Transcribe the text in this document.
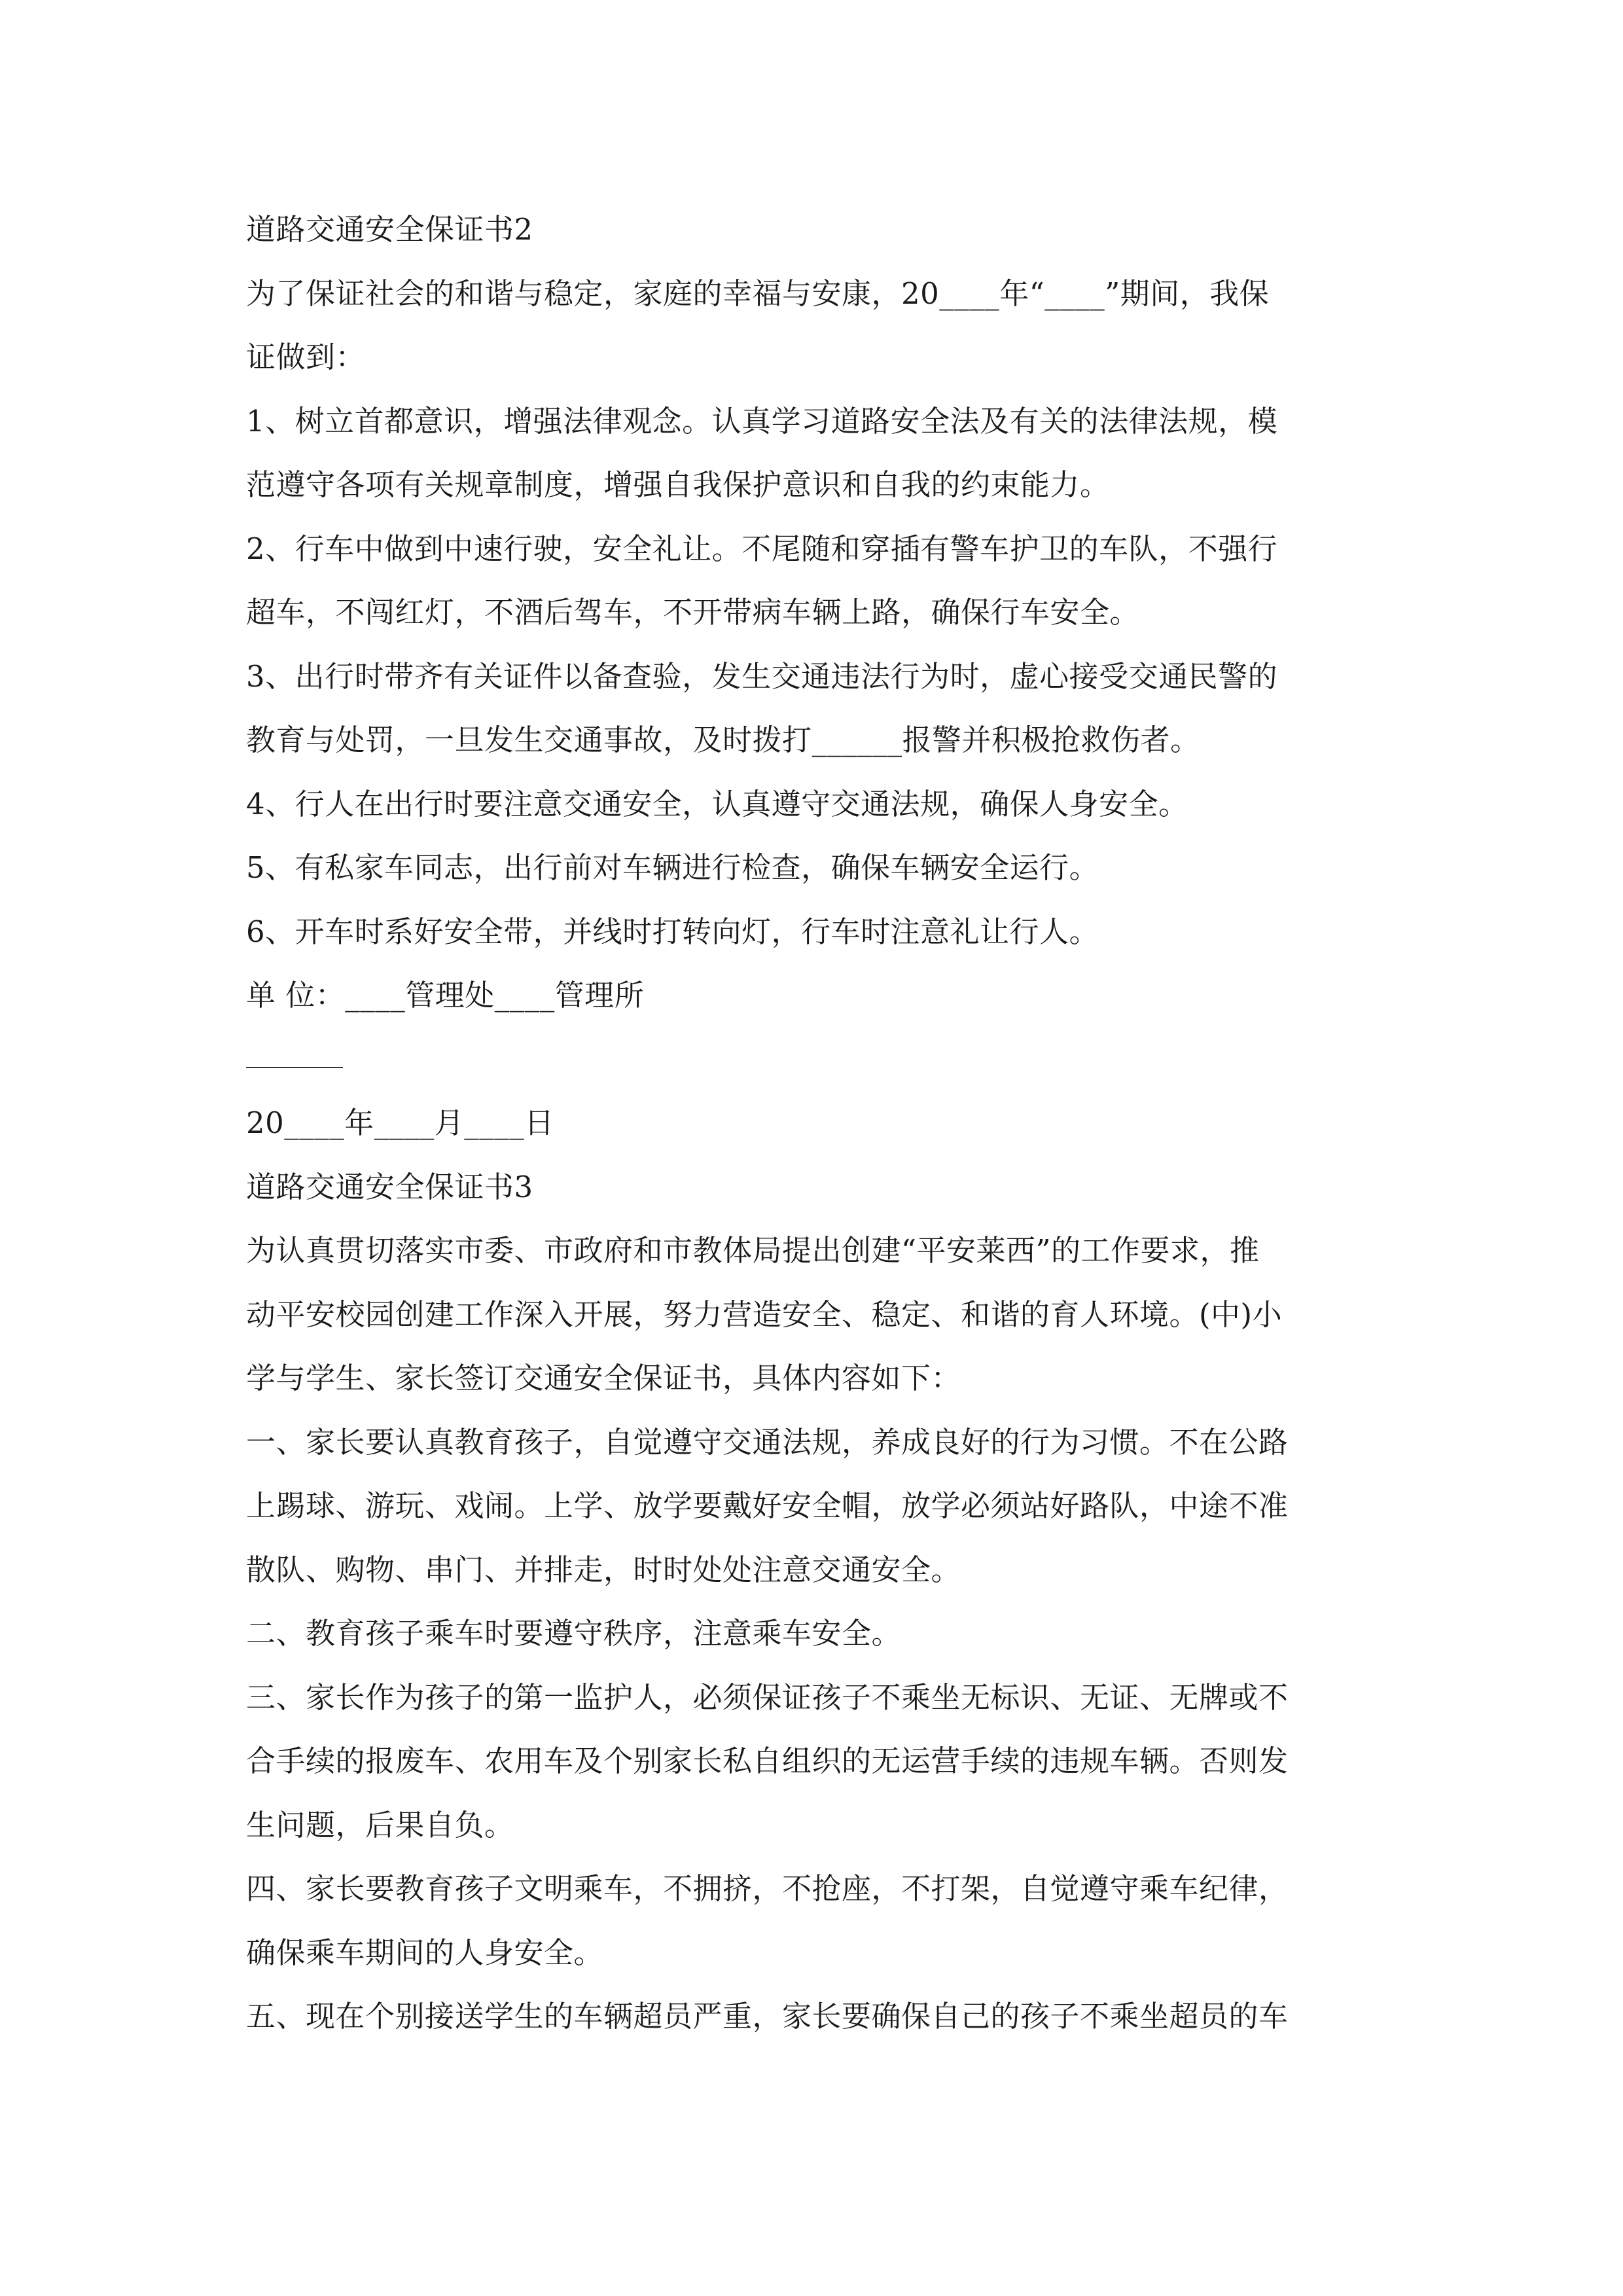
道路交通安全保证书2
为了保证社会的和谐与稳定，家庭的幸福与安康，20____年“____”期间，我保
证做到：
1、树立首都意识，增强法律观念。认真学习道路安全法及有关的法律法规，模
范遵守各项有关规章制度，增强自我保护意识和自我的约束能力。
2、行车中做到中速行驶，安全礼让。不尾随和穿插有警车护卫的车队，不强行
超车，不闯红灯，不酒后驾车，不开带病车辆上路，确保行车安全。
3、出行时带齐有关证件以备查验，发生交通违法行为时，虚心接受交通民警的
教育与处罚，一旦发生交通事故，及时拨打______报警并积极抢救伤者。
4、行人在出行时要注意交通安全，认真遵守交通法规，确保人身安全。
5、有私家车同志，出行前对车辆进行检查，确保车辆安全运行。
6、开车时系好安全带，并线时打转向灯，行车时注意礼让行人。
单 位：____管理处____管理所
20____年____月____日
道路交通安全保证书3
为认真贯切落实市委、市政府和市教体局提出创建“平安莱西”的工作要求，推
动平安校园创建工作深入开展，努力营造安全、稳定、和谐的育人环境。(中)小
学与学生、家长签订交通安全保证书，具体内容如下：
一、家长要认真教育孩子，自觉遵守交通法规，养成良好的行为习惯。不在公路
上踢球、游玩、戏闹。上学、放学要戴好安全帽，放学必须站好路队，中途不准
散队、购物、串门、并排走，时时处处注意交通安全。
二、教育孩子乘车时要遵守秩序，注意乘车安全。
三、家长作为孩子的第一监护人，必须保证孩子不乘坐无标识、无证、无牌或不
合手续的报废车、农用车及个别家长私自组织的无运营手续的违规车辆。否则发
生问题，后果自负。
四、家长要教育孩子文明乘车，不拥挤，不抢座，不打架，自觉遵守乘车纪律，
确保乘车期间的人身安全。
五、现在个别接送学生的车辆超员严重，家长要确保自己的孩子不乘坐超员的车
